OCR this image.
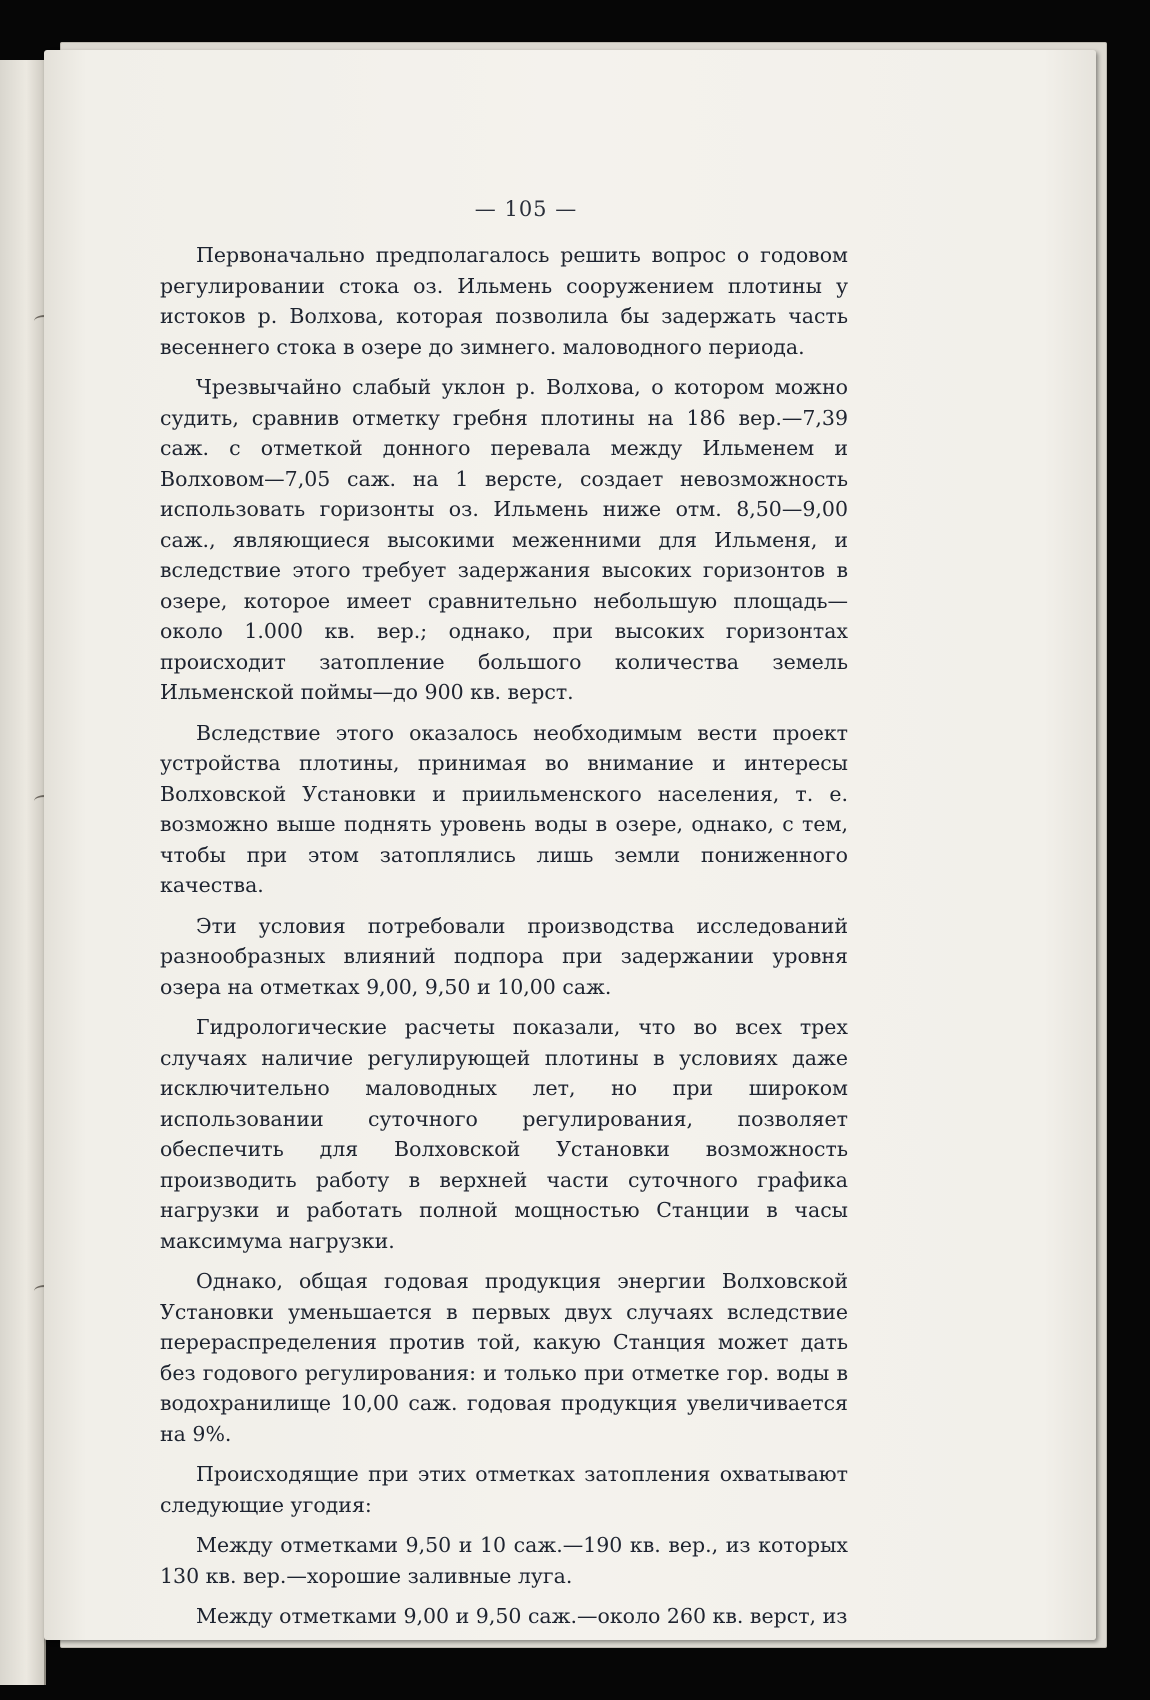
— 105 —

Первоначально предполагалось решить вопрос о годовом регулировании стока оз. Ильмень сооружением плотины у истоков р. Волхова, которая позволила бы задержать часть весеннего стока в озере до зимнего. маловодного периода.

Чрезвычайно слабый уклон р. Волхова, о котором можно судить, сравнив отметку гребня плотины на 186 вер.—7,39 саж. с отметкой донного перевала между Ильменем и Волховом—7,05 саж. на 1 версте, создает невозможность использовать горизонты оз. Ильмень ниже отм. 8,50—9,00 саж., являющиеся высокими меженними для Ильменя, и вследствие этого требует задержания высоких горизонтов в озере, которое имеет сравнительно небольшую площадь—около 1.000 кв. вер.; однако, при высоких горизонтах происходит затопление большого количества земель Ильменской поймы—до 900 кв. верст.

Вследствие этого оказалось необходимым вести проект устройства плотины, принимая во внимание и интересы Волховской Установки и приильменского населения, т. е. возможно выше поднять уровень воды в озере, однако, с тем, чтобы при этом затоплялись лишь земли пониженного качества.

Эти условия потребовали производства исследований разнообразных влияний подпора при задержании уровня озера на отметках 9,00, 9,50 и 10,00 саж.

Гидрологические расчеты показали, что во всех трех случаях наличие регулирующей плотины в условиях даже исключительно маловодных лет, но при широком использовании суточного регулирования, позволяет обеспечить для Волховской Установки возможность производить работу в верхней части суточного графика нагрузки и работать полной мощностью Станции в часы максимума нагрузки.

Однако, общая годовая продукция энергии Волховской Установки уменьшается в первых двух случаях вследствие перераспределения против той, какую Станция может дать без годового регулирования: и только при отметке гор. воды в водохранилище 10,00 саж. годовая продукция увеличивается на 9%.

Происходящие при этих отметках затопления охватывают следующие угодия:

Между отметками 9,50 и 10 саж.—190 кв. вер., из которых 130 кв. вер.—хорошие заливные луга.

Между отметками 9,00 и 9,50 саж.—около 260 кв. верст, из
